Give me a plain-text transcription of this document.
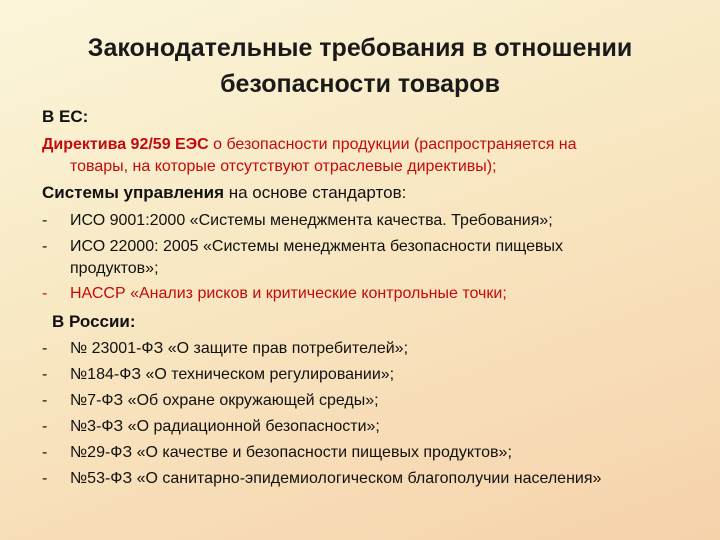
Законодательные требования в отношении
безопасности товаров
В ЕС:
Директива 92/59 ЕЭС о безопасности продукции (распространяется на
товары, на которые отсутствуют отраслевые директивы);
Системы управления на основе стандартов:
- ИСО 9001:2000 «Системы менеджмента качества. Требования»;
- ИСО 22000: 2005 «Системы менеджмента безопасности пищевых
продуктов»;
- НАССР «Анализ рисков и критические контрольные точки;
В России:
- № 23001-ФЗ «О защите прав потребителей»;
- №184-ФЗ «О техническом регулировании»;
- №7-ФЗ «Об охране окружающей среды»;
- №3-ФЗ «О радиационной безопасности»;
- №29-ФЗ «О качестве и безопасности пищевых продуктов»;
- №53-ФЗ «О санитарно-эпидемиологическом благополучии населения»
